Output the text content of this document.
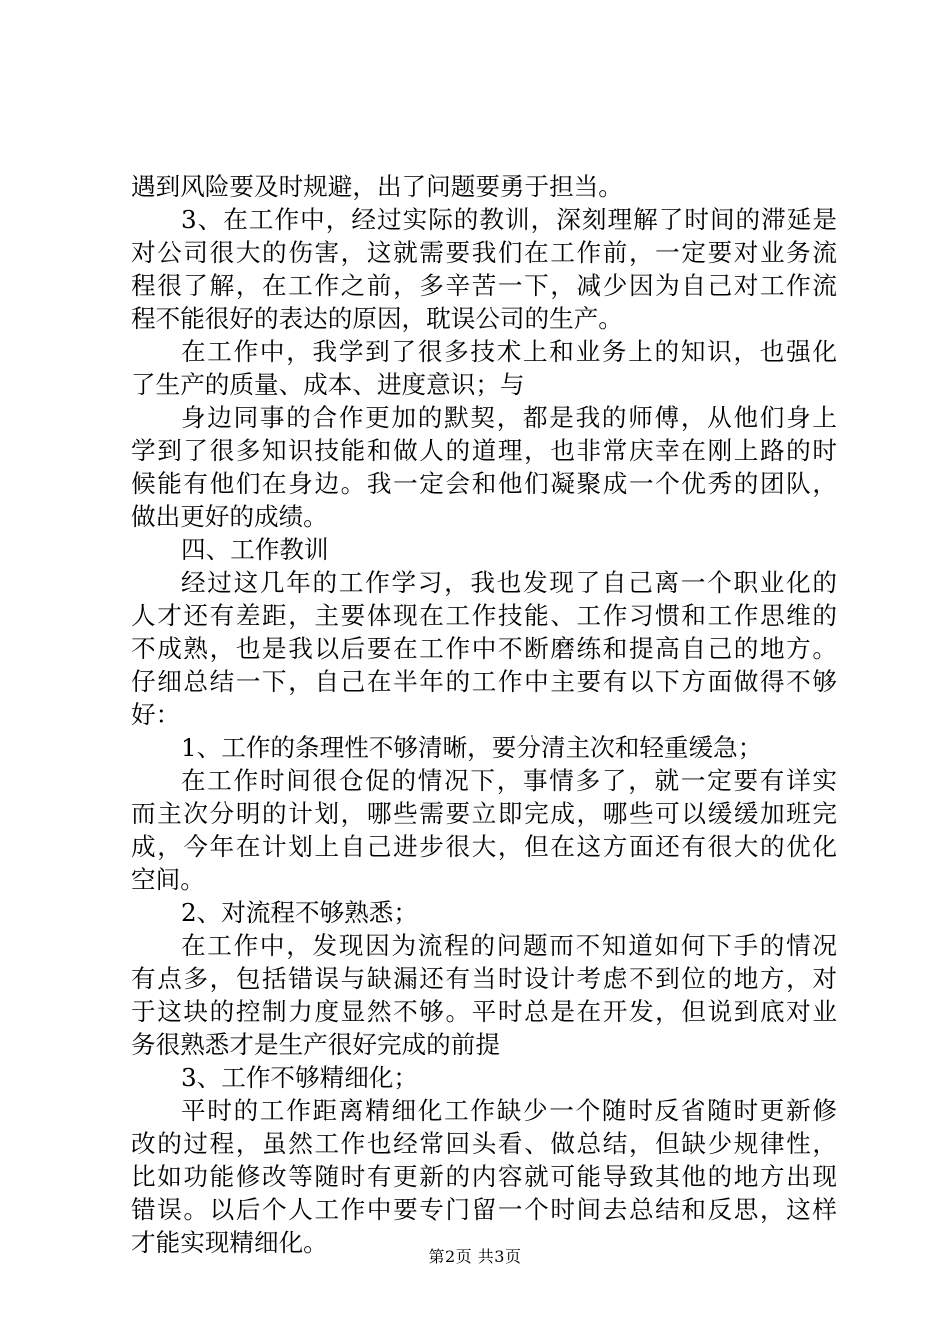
遇到风险要及时规避，出了问题要勇于担当。
3、在工作中，经过实际的教训，深刻理解了时间的滞延是
对公司很大的伤害，这就需要我们在工作前，一定要对业务流
程很了解，在工作之前，多辛苦一下，减少因为自己对工作流
程不能很好的表达的原因，耽误公司的生产。
在工作中，我学到了很多技术上和业务上的知识，也强化
了生产的质量、成本、进度意识；与
身边同事的合作更加的默契，都是我的师傅，从他们身上
学到了很多知识技能和做人的道理，也非常庆幸在刚上路的时
候能有他们在身边。我一定会和他们凝聚成一个优秀的团队，
做出更好的成绩。
四、工作教训
经过这几年的工作学习，我也发现了自己离一个职业化的
人才还有差距，主要体现在工作技能、工作习惯和工作思维的
不成熟，也是我以后要在工作中不断磨练和提高自己的地方。
仔细总结一下，自己在半年的工作中主要有以下方面做得不够
好：
1、工作的条理性不够清晰，要分清主次和轻重缓急；
在工作时间很仓促的情况下，事情多了，就一定要有详实
而主次分明的计划，哪些需要立即完成，哪些可以缓缓加班完
成，今年在计划上自己进步很大，但在这方面还有很大的优化
空间。
2、对流程不够熟悉；
在工作中，发现因为流程的问题而不知道如何下手的情况
有点多，包括错误与缺漏还有当时设计考虑不到位的地方，对
于这块的控制力度显然不够。平时总是在开发，但说到底对业
务很熟悉才是生产很好完成的前提
3、工作不够精细化；
平时的工作距离精细化工作缺少一个随时反省随时更新修
改的过程，虽然工作也经常回头看、做总结，但缺少规律性，
比如功能修改等随时有更新的内容就可能导致其他的地方出现
错误。以后个人工作中要专门留一个时间去总结和反思，这样
才能实现精细化。	第2页 共3页
